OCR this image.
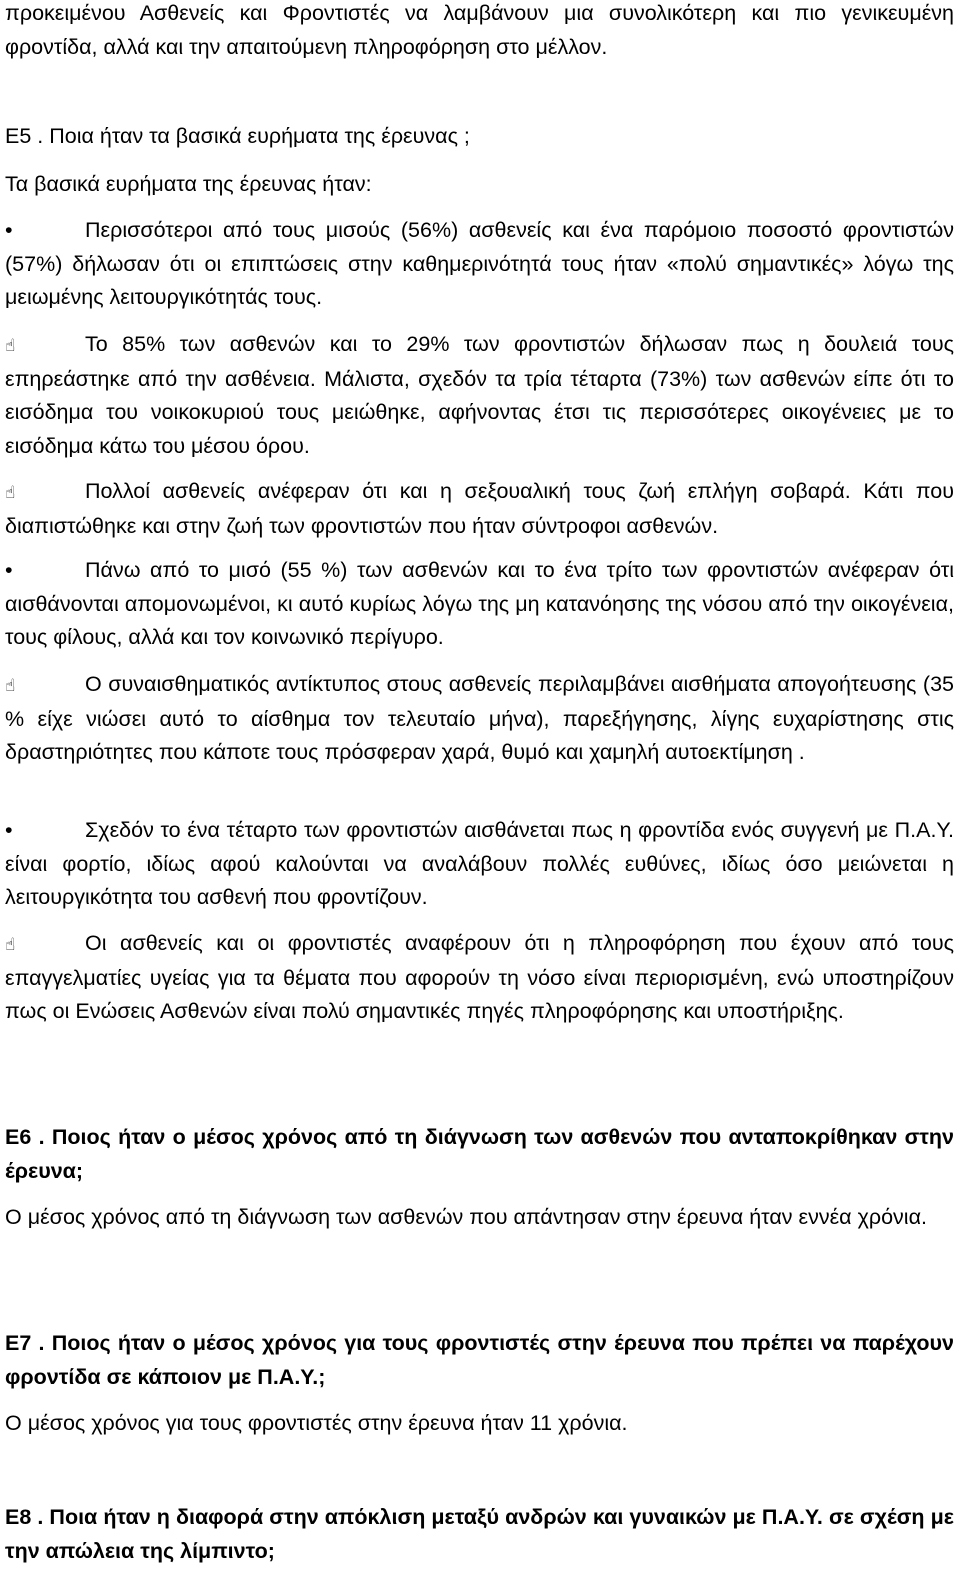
προκειμένου Ασθενείς και Φροντιστές να λαμβάνουν μια συνολικότερη και πιο γενικευμένη φροντίδα, αλλά και την απαιτούμενη πληροφόρηση στο μέλλον.
Ε5 . Ποια ήταν τα βασικά ευρήματα της έρευνας ;
Τα βασικά ευρήματα της έρευνας ήταν:
•	Περισσότεροι από τους μισούς (56%) ασθενείς και ένα παρόμοιο ποσοστό φροντιστών (57%) δήλωσαν ότι οι επιπτώσεις στην καθημερινότητά τους ήταν «πολύ σημαντικές» λόγω της μειωμένης λειτουργικότητάς τους.
☝	Το 85% των ασθενών και το 29% των φροντιστών δήλωσαν πως η δουλειά τους επηρεάστηκε από την ασθένεια. Μάλιστα, σχεδόν τα τρία τέταρτα (73%) των ασθενών είπε ότι το εισόδημα του νοικοκυριού τους μειώθηκε, αφήνοντας έτσι τις περισσότερες οικογένειες με το εισόδημα κάτω του μέσου όρου.
☝	Πολλοί ασθενείς ανέφεραν ότι και η σεξουαλική τους ζωή επλήγη σοβαρά. Κάτι που διαπιστώθηκε και στην ζωή των φροντιστών που ήταν σύντροφοι ασθενών.
•	Πάνω από το μισό (55 %) των ασθενών και το ένα τρίτο των φροντιστών ανέφεραν ότι αισθάνονται απομονωμένοι, κι αυτό κυρίως λόγω της μη κατανόησης της νόσου από την οικογένεια, τους φίλους, αλλά και τον κοινωνικό περίγυρο.
☝	Ο συναισθηματικός αντίκτυπος στους ασθενείς περιλαμβάνει αισθήματα απογοήτευσης (35 % είχε νιώσει αυτό το αίσθημα τον τελευταίο μήνα), παρεξήγησης, λίγης ευχαρίστησης στις δραστηριότητες που κάποτε τους πρόσφεραν χαρά, θυμό και χαμηλή αυτοεκτίμηση .
•	Σχεδόν το ένα τέταρτο των φροντιστών αισθάνεται πως η φροντίδα ενός συγγενή με Π.Α.Υ. είναι φορτίο, ιδίως αφού καλούνται να αναλάβουν πολλές ευθύνες, ιδίως όσο μειώνεται η λειτουργικότητα του ασθενή που φροντίζουν.
☝	Οι ασθενείς και οι φροντιστές αναφέρουν ότι η πληροφόρηση που έχουν από τους επαγγελματίες υγείας για τα θέματα που αφορούν τη νόσο είναι περιορισμένη, ενώ υποστηρίζουν πως οι Ενώσεις Ασθενών είναι πολύ σημαντικές πηγές πληροφόρησης και υποστήριξης.
Ε6 . Ποιος ήταν ο μέσος χρόνος από τη διάγνωση των ασθενών που ανταποκρίθηκαν στην έρευνα;
Ο μέσος χρόνος από τη διάγνωση των ασθενών που απάντησαν στην έρευνα ήταν εννέα χρόνια.
Ε7 . Ποιος ήταν ο μέσος χρόνος για τους φροντιστές στην έρευνα που πρέπει να παρέχουν φροντίδα σε κάποιον με Π.Α.Υ.;
Ο μέσος χρόνος για τους φροντιστές στην έρευνα ήταν 11 χρόνια.
Ε8 . Ποια ήταν η διαφορά στην απόκλιση μεταξύ ανδρών και γυναικών με Π.Α.Υ. σε σχέση με την απώλεια της λίμπιντο;
